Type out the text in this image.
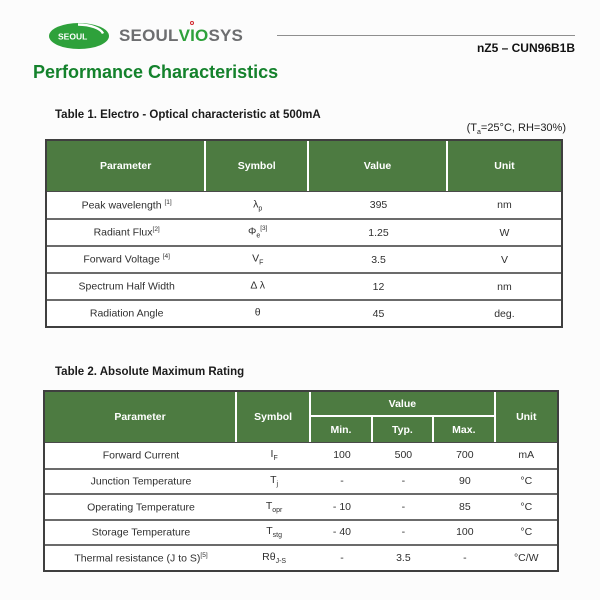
SEOUL SEOUL VIO SYS
nZ5 – CUN96B1B
Performance Characteristics
Table 1. Electro - Optical characteristic at 500mA
($T_a=25^\circ C$, RH=30%)
Parameter	Symbol	Value	Unit
Peak wavelength [1]	$\lambda_p$	395	nm
Radiant Flux[2]	$\Phi_e[3]$	1.25	W
Forward Voltage [4]	$V_F$	3.5	V
Spectrum Half Width	Δ λ	12	nm
Radiation Angle	θ	45	deg.
Table 2. Absolute Maximum Rating
Parameter	Symbol	Value			Unit
		Min.	Typ.	Max.	
Forward Current	$I_F$	100	500	700	mA
Junction Temperature	$T_j$	-	-	90	°C
Operating Temperature	$T_{opr}$	- 10	-	85	°C
Storage Temperature	$T_{stg}$	- 40	-	100	°C
Thermal resistance (J to S)[5]	$R\theta_{J-S}$	-	3.5	-	°C/W
